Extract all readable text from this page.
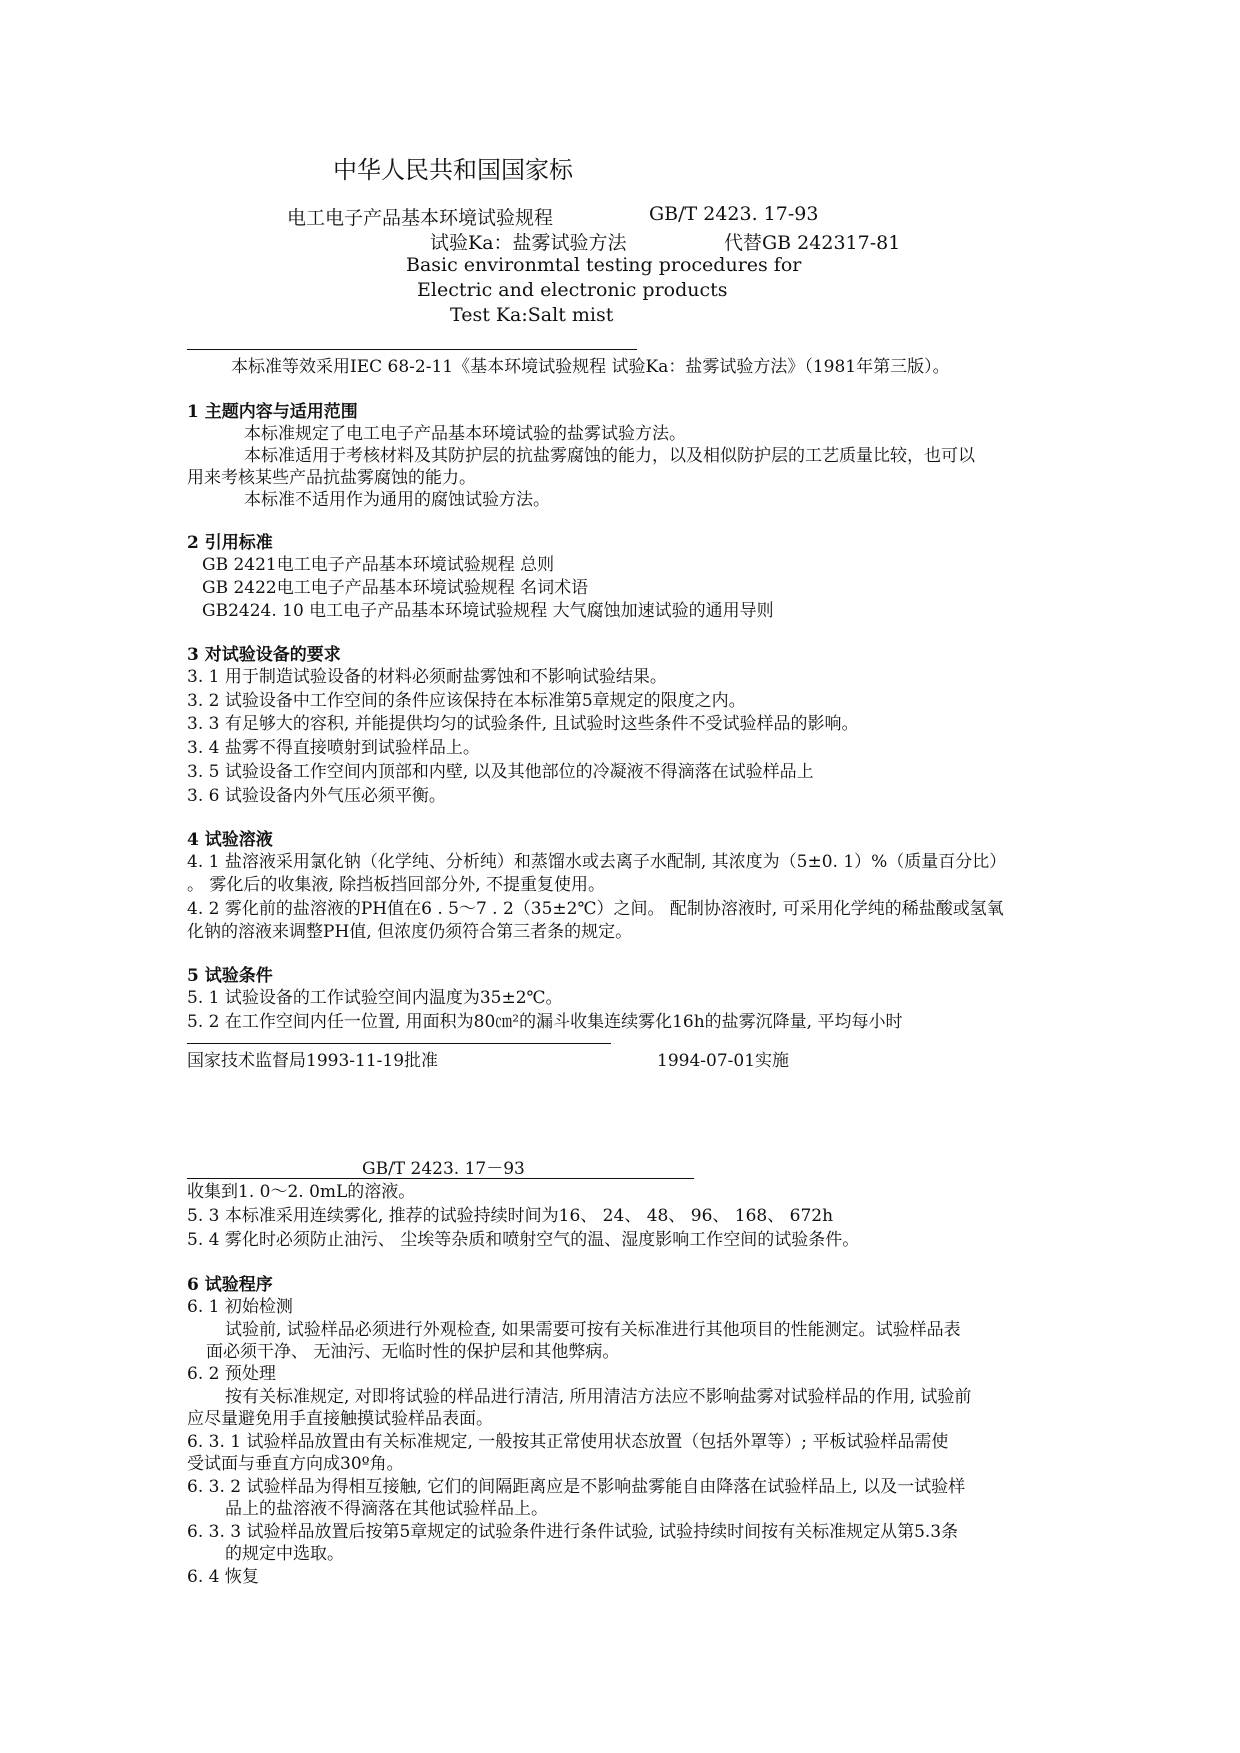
中华人民共和国国家标
电工电子产品基本环境试验规程	GB/T 2423. 17-93
试验Ka：盐雾试验方法	代替GB 242317-81
Basic environmtal testing procedures for
Electric and electronic products
Test Ka:Salt mist
本标准等效采用IEC 68-2-11《基本环境试验规程 试验Ka：盐雾试验方法》（1981年第三版）。
1 主题内容与适用范围
本标准规定了电工电子产品基本环境试验的盐雾试验方法。
本标准适用于考核材料及其防护层的抗盐雾腐蚀的能力，以及相似防护层的工艺质量比较，也可以
用来考核某些产品抗盐雾腐蚀的能力。
本标准不适用作为通用的腐蚀试验方法。
2 引用标准
GB 2421电工电子产品基本环境试验规程 总则
GB 2422电工电子产品基本环境试验规程 名词术语
GB2424. 10 电工电子产品基本环境试验规程 大气腐蚀加速试验的通用导则
3 对试验设备的要求
3. 1 用于制造试验设备的材料必须耐盐雾蚀和不影响试验结果。
3. 2 试验设备中工作空间的条件应该保持在本标准第5章规定的限度之内。
3. 3 有足够大的容积, 并能提供均匀的试验条件, 且试验时这些条件不受试验样品的影响。
3. 4 盐雾不得直接喷射到试验样品上。
3. 5 试验设备工作空间内顶部和内壁, 以及其他部位的冷凝液不得滴落在试验样品上
3. 6 试验设备内外气压必须平衡。
4 试验溶液
4. 1 盐溶液采用氯化钠（化学纯、分析纯）和蒸馏水或去离子水配制, 其浓度为（5±0. 1）%（质量百分比）
。 雾化后的收集液, 除挡板挡回部分外, 不提重复使用。
4. 2 雾化前的盐溶液的PH值在6 . 5～7 . 2（35±2℃）之间。 配制协溶液时, 可采用化学纯的稀盐酸或氢氧
化钠的溶液来调整PH值, 但浓度仍须符合第三者条的规定。
5 试验条件
5. 1 试验设备的工作试验空间内温度为35±2℃。
5. 2 在工作空间内任一位置, 用面积为80㎝²的漏斗收集连续雾化16h的盐雾沉降量, 平均每小时
国家技术监督局1993-11-19批准	1994-07-01实施
GB/T 2423. 17－93
收集到1. 0～2. 0mL的溶液。
5. 3 本标准采用连续雾化, 推荐的试验持续时间为16、 24、 48、 96、 168、 672h
5. 4 雾化时必须防止油污、 尘埃等杂质和喷射空气的温、湿度影响工作空间的试验条件。
6 试验程序
6. 1 初始检测
试验前, 试验样品必须进行外观检查, 如果需要可按有关标准进行其他项目的性能测定。试验样品表
面必须干净、 无油污、无临时性的保护层和其他弊病。
6. 2 预处理
按有关标准规定, 对即将试验的样品进行清洁, 所用清洁方法应不影响盐雾对试验样品的作用, 试验前
应尽量避免用手直接触摸试验样品表面。
6. 3. 1 试验样品放置由有关标准规定, 一般按其正常使用状态放置（包括外罩等）; 平板试验样品需使
受试面与垂直方向成30º角。
6. 3. 2 试验样品为得相互接触, 它们的间隔距离应是不影响盐雾能自由降落在试验样品上, 以及一试验样
品上的盐溶液不得滴落在其他试验样品上。
6. 3. 3 试验样品放置后按第5章规定的试验条件进行条件试验, 试验持续时间按有关标准规定从第5.3条
的规定中选取。
6. 4 恢复
